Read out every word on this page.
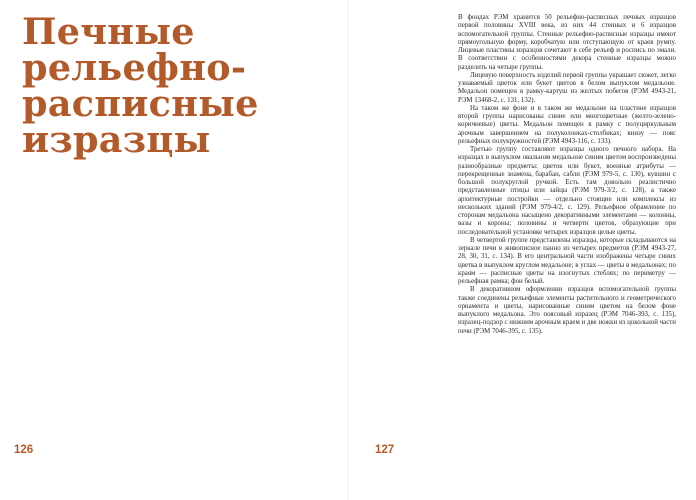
Печные
рельефно-
расписные
изразцы

В фондах РЭМ хранится 50 рельефно-расписных печных изразцов первой половины XVIII века, из них 44 стенных и 6 изразцов вспомогательной группы. Стенные рельефно-расписные изразцы имеют прямоугольную форму, коробчатую или отступающую от краев румпу. Лицевые пластины изразцов сочетают в себе рельеф и роспись по эмали. В соответствии с особенностями декора стенные изразцы можно разделить на четыре группы.

Лицевую поверхность изделий первой группы украшает сюжет, легко узнаваемый цветок или букет цветов в белом выпуклом медальоне. Медальон помещен в рамку-картуш из желтых побегов (РЭМ 4943-21, РЭМ 13468-2, с. 131, 132).

На таком же фоне и в таком же медальоне на пластине изразцов второй группы нарисованы синие или многоцветные (желто-зелено-коричневые) цветы. Медальон помещен в рамку с полуциркульным арочным завершением на полуколонках-столбиках; внизу — пояс рельефных полукружностей (РЭМ 4943-116, с. 133).

Третью группу составляют изразцы одного печного набора. На изразцах в выпуклом овальном медальоне синим цветом воспроизведены разнообразные предметы: цветок или букет, военные атрибуты — перекрещенные знамена, барабан, сабли (РЭМ 979-5, с. 130), кувшин с большой полукруглой ручкой. Есть там довольно реалистично представленные птицы или зайцы (РЭМ 979-3/2, с. 128), а также архитектурные постройки — отдельно стоящие или комплексы из нескольких зданий (РЭМ 979-4/2, с. 129). Рельефное обрамление по сторонам медальона насыщено декоративными элементами — колонны, вазы и короны; половины и четверти цветов, образующие при последовательной установке четырех изразцов целые цветы.

В четвертой группе представлены изразцы, которые складываются на зеркале печи в живописное панно из четырех предметов (РЭМ 4943-27, 28, 30, 31, с. 134). В его центральной части изображены четыре синих цветка в выпуклом круглом медальоне; в углах — цветы в медальонах; по краям — расписные цветы на изогнутых стеблях; по периметру — рельефная рамка; фон белый.

В декоративном оформлении изразцов вспомогательной группы также соединены рельефные элементы растительного и геометрического орнамента и цветы, нарисованные синим цветом на белом фоне выпуклого медальона. Это поясовый изразец (РЭМ 7046-393, с. 135), изразец-подзор с нижним арочным краем и две ножки из цокольной части печи (РЭМ 7046-395, с. 135).

126	127
